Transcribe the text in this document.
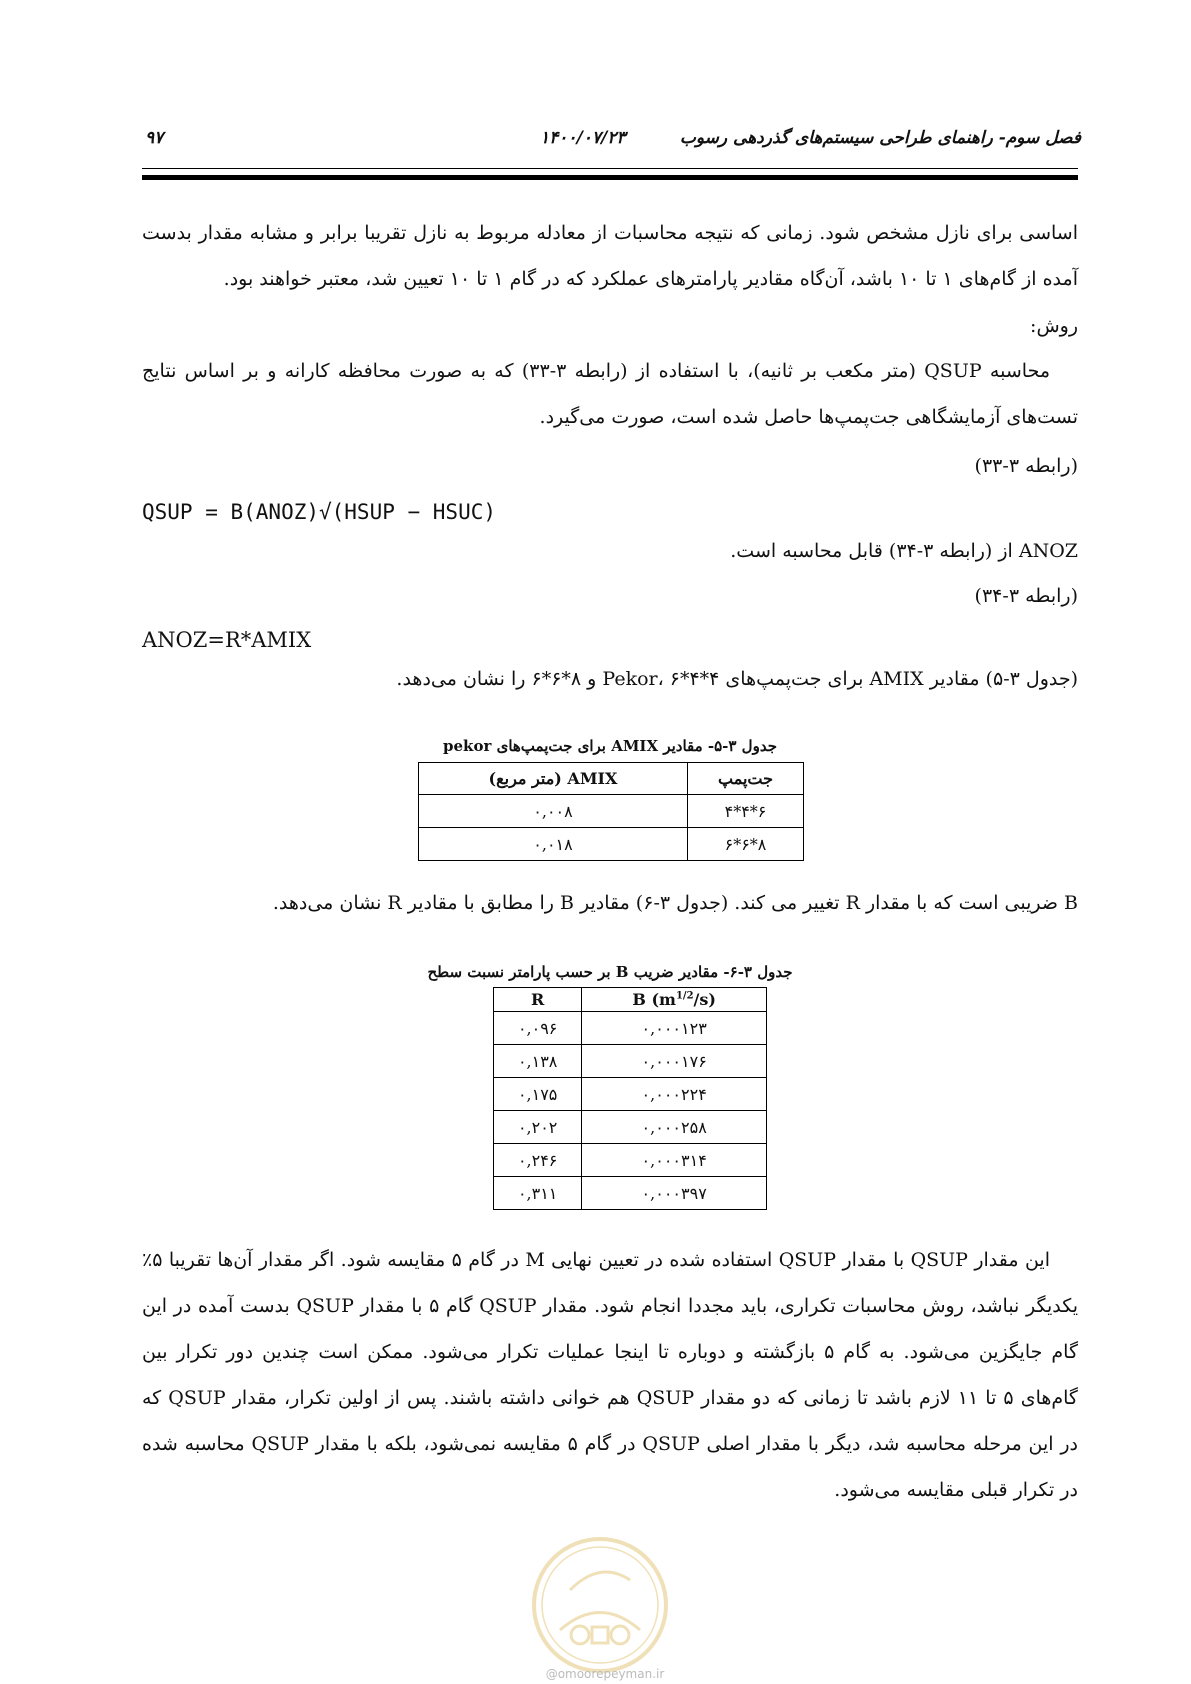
فصل سوم- راهنمای طراحی سیستم‌های گذردهی رسوب
۱۴۰۰/۰۷/۲۳
۹۷

اساسی برای نازل مشخص شود. زمانی که نتیجه محاسبات از معادله مربوط به نازل تقریبا برابر و مشابه مقدار بدست آمده از گام‌های ۱ تا ۱۰ باشد، آن‌گاه مقادیر پارامترهای عملکرد که در گام ۱ تا ۱۰ تعیین شد، معتبر خواهند بود.

روش:

محاسبه QSUP (متر مکعب بر ثانیه)، با استفاده از (رابطه ۳-۳۳) که به صورت محافظه کارانه و بر اساس نتایج تست‌های آزمایشگاهی جت‌پمپ‌ها حاصل شده است، صورت می‌گیرد.

(رابطه ۳-۳۳)
QSUP = B(ANOZ)√(HSUP − HSUC)
ANOZ از (رابطه ۳-۳۴) قابل محاسبه است.
(رابطه ۳-۳۴)
ANOZ=R*AMIX
(جدول ۳-۵) مقادیر AMIX برای جت‌پمپ‌های Pekor، ۶*۴*۴ و ۸*۶*۶ را نشان می‌دهد.
جدول ۳-۵- مقادیر AMIX برای جت‌پمپ‌های pekor
جت‌پمپ	AMIX (متر مربع)
۶*۴*۴	۰,۰۰۸
۸*۶*۶	۰,۰۱۸
B ضریبی است که با مقدار R تغییر می کند. (جدول ۳-۶) مقادیر B را مطابق با مقادیر R نشان می‌دهد.
جدول ۳-۶- مقادیر ضریب B بر حسب پارامتر نسبت سطح
B $(m^{1/2}/s)$	R
۰,۰۰۰۱۲۳	۰,۰۹۶
۰,۰۰۰۱۷۶	۰,۱۳۸
۰,۰۰۰۲۲۴	۰,۱۷۵
۰,۰۰۰۲۵۸	۰,۲۰۲
۰,۰۰۰۳۱۴	۰,۲۴۶
۰,۰۰۰۳۹۷	۰,۳۱۱

این مقدار QSUP با مقدار QSUP استفاده شده در تعیین نهایی M در گام ۵ مقایسه شود. اگر مقدار آن‌ها تقریبا ۵٪ یکدیگر نباشد، روش محاسبات تکراری، باید مجددا انجام شود. مقدار QSUP گام ۵ با مقدار QSUP بدست آمده در این گام جایگزین می‌شود. به گام ۵ بازگشته و دوباره تا اینجا عملیات تکرار می‌شود. ممکن است چندین دور تکرار بین گام‌های ۵ تا ۱۱ لازم باشد تا زمانی که دو مقدار QSUP هم خوانی داشته باشند. پس از اولین تکرار، مقدار QSUP که در این مرحله محاسبه شد، دیگر با مقدار اصلی QSUP در گام ۵ مقایسه نمی‌شود، بلکه با مقدار QSUP محاسبه شده در تکرار قبلی مقایسه می‌شود.

@omoorepeyman.ir
